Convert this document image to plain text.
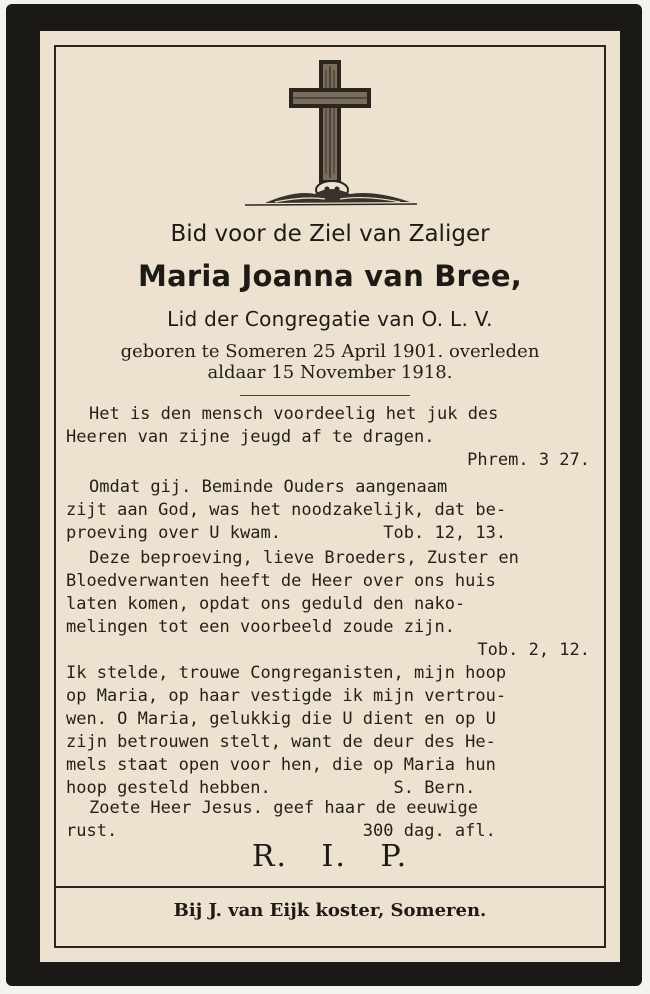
Bid voor de Ziel van Zaliger
Maria Joanna van Bree,
Lid der Congregatie van O. L. V.
geboren te Someren 25 April 1901. overleden
aldaar 15 November 1918.
Het is den mensch voordeelig het juk des
Heeren van zijne jeugd af te dragen.
Phrem. 3 27.
Omdat gij. Beminde Ouders aangenaam
zijt aan God, was het noodzakelijk, dat be-
proeving over U kwam.          Tob. 12, 13.
Deze beproeving, lieve Broeders, Zuster en
Bloedverwanten heeft de Heer over ons huis
laten komen, opdat ons geduld den nako-
melingen tot een voorbeeld zoude zijn.
Tob. 2, 12.
Ik stelde, trouwe Congreganisten, mijn hoop
op Maria, op haar vestigde ik mijn vertrou-
wen. O Maria, gelukkig die U dient en op U
zijn betrouwen stelt, want de deur des He-
mels staat open voor hen, die op Maria hun
hoop gesteld hebben.            S. Bern.
Zoete Heer Jesus. geef haar de eeuwige
rust.                        300 dag. afl.
R. I. P.
Bij J. van Eijk koster, Someren.
